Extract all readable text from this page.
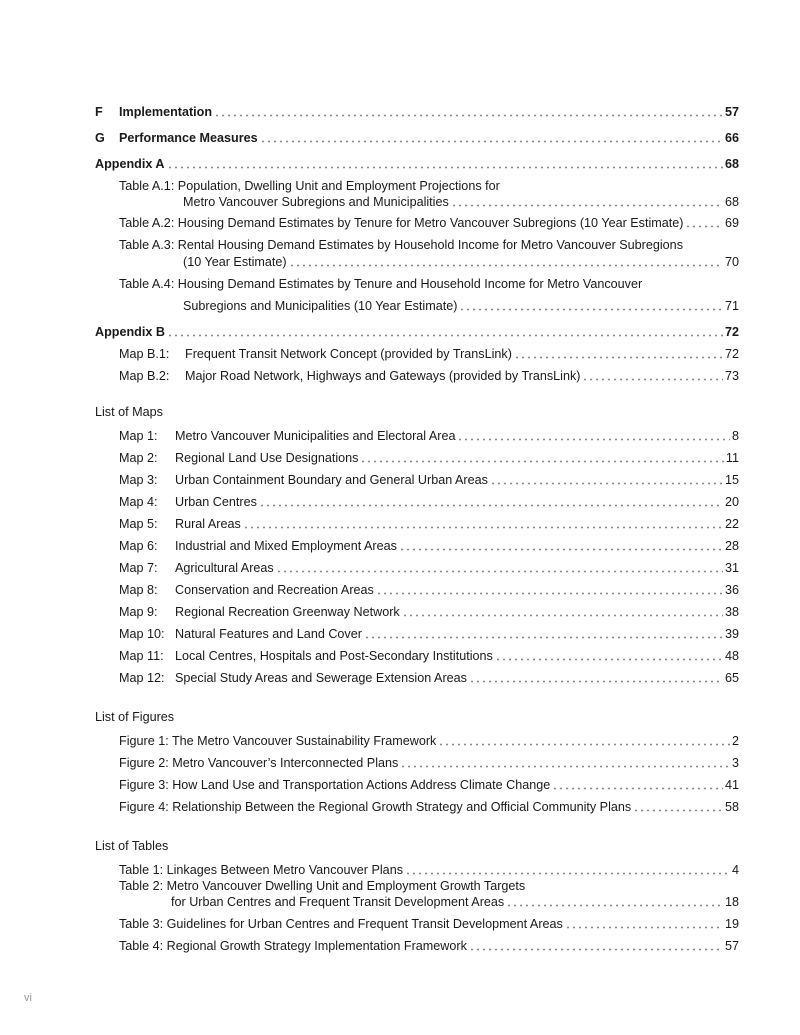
F	Implementation	57
G	Performance Measures	66
Appendix A	68
Table A.1: Population, Dwelling Unit and Employment Projections for
Metro Vancouver Subregions and Municipalities	68
Table A.2: Housing Demand Estimates by Tenure for Metro Vancouver Subregions (10 Year Estimate)	69
Table A.3: Rental Housing Demand Estimates by Household Income for Metro Vancouver Subregions
(10 Year Estimate)	70
Table A.4: Housing Demand Estimates by Tenure and Household Income for Metro Vancouver
Subregions and Municipalities (10 Year Estimate)	71
Appendix B	72
Map B.1:	Frequent Transit Network Concept (provided by TransLink)	72
Map B.2:	Major Road Network, Highways and Gateways (provided by TransLink)	73
List of Maps
Map 1:	Metro Vancouver Municipalities and Electoral Area	8
Map 2:	Regional Land Use Designations	11
Map 3:	Urban Containment Boundary and General Urban Areas	15
Map 4:	Urban Centres	20
Map 5:	Rural Areas	22
Map 6:	Industrial and Mixed Employment Areas	28
Map 7:	Agricultural Areas	31
Map 8:	Conservation and Recreation Areas	36
Map 9:	Regional Recreation Greenway Network	38
Map 10: Natural Features and Land Cover	39
Map 11: Local Centres, Hospitals and Post-Secondary Institutions	48
Map 12: Special Study Areas and Sewerage Extension Areas	65
List of Figures
Figure 1: The Metro Vancouver Sustainability Framework	2
Figure 2: Metro Vancouver’s Interconnected Plans	3
Figure 3: How Land Use and Transportation Actions Address Climate Change	41
Figure 4: Relationship Between the Regional Growth Strategy and Official Community Plans	58
List of Tables
Table 1: Linkages Between Metro Vancouver Plans	4
Table 2: Metro Vancouver Dwelling Unit and Employment Growth Targets
for Urban Centres and Frequent Transit Development Areas	18
Table 3: Guidelines for Urban Centres and Frequent Transit Development Areas	19
Table 4: Regional Growth Strategy Implementation Framework	57
vi
